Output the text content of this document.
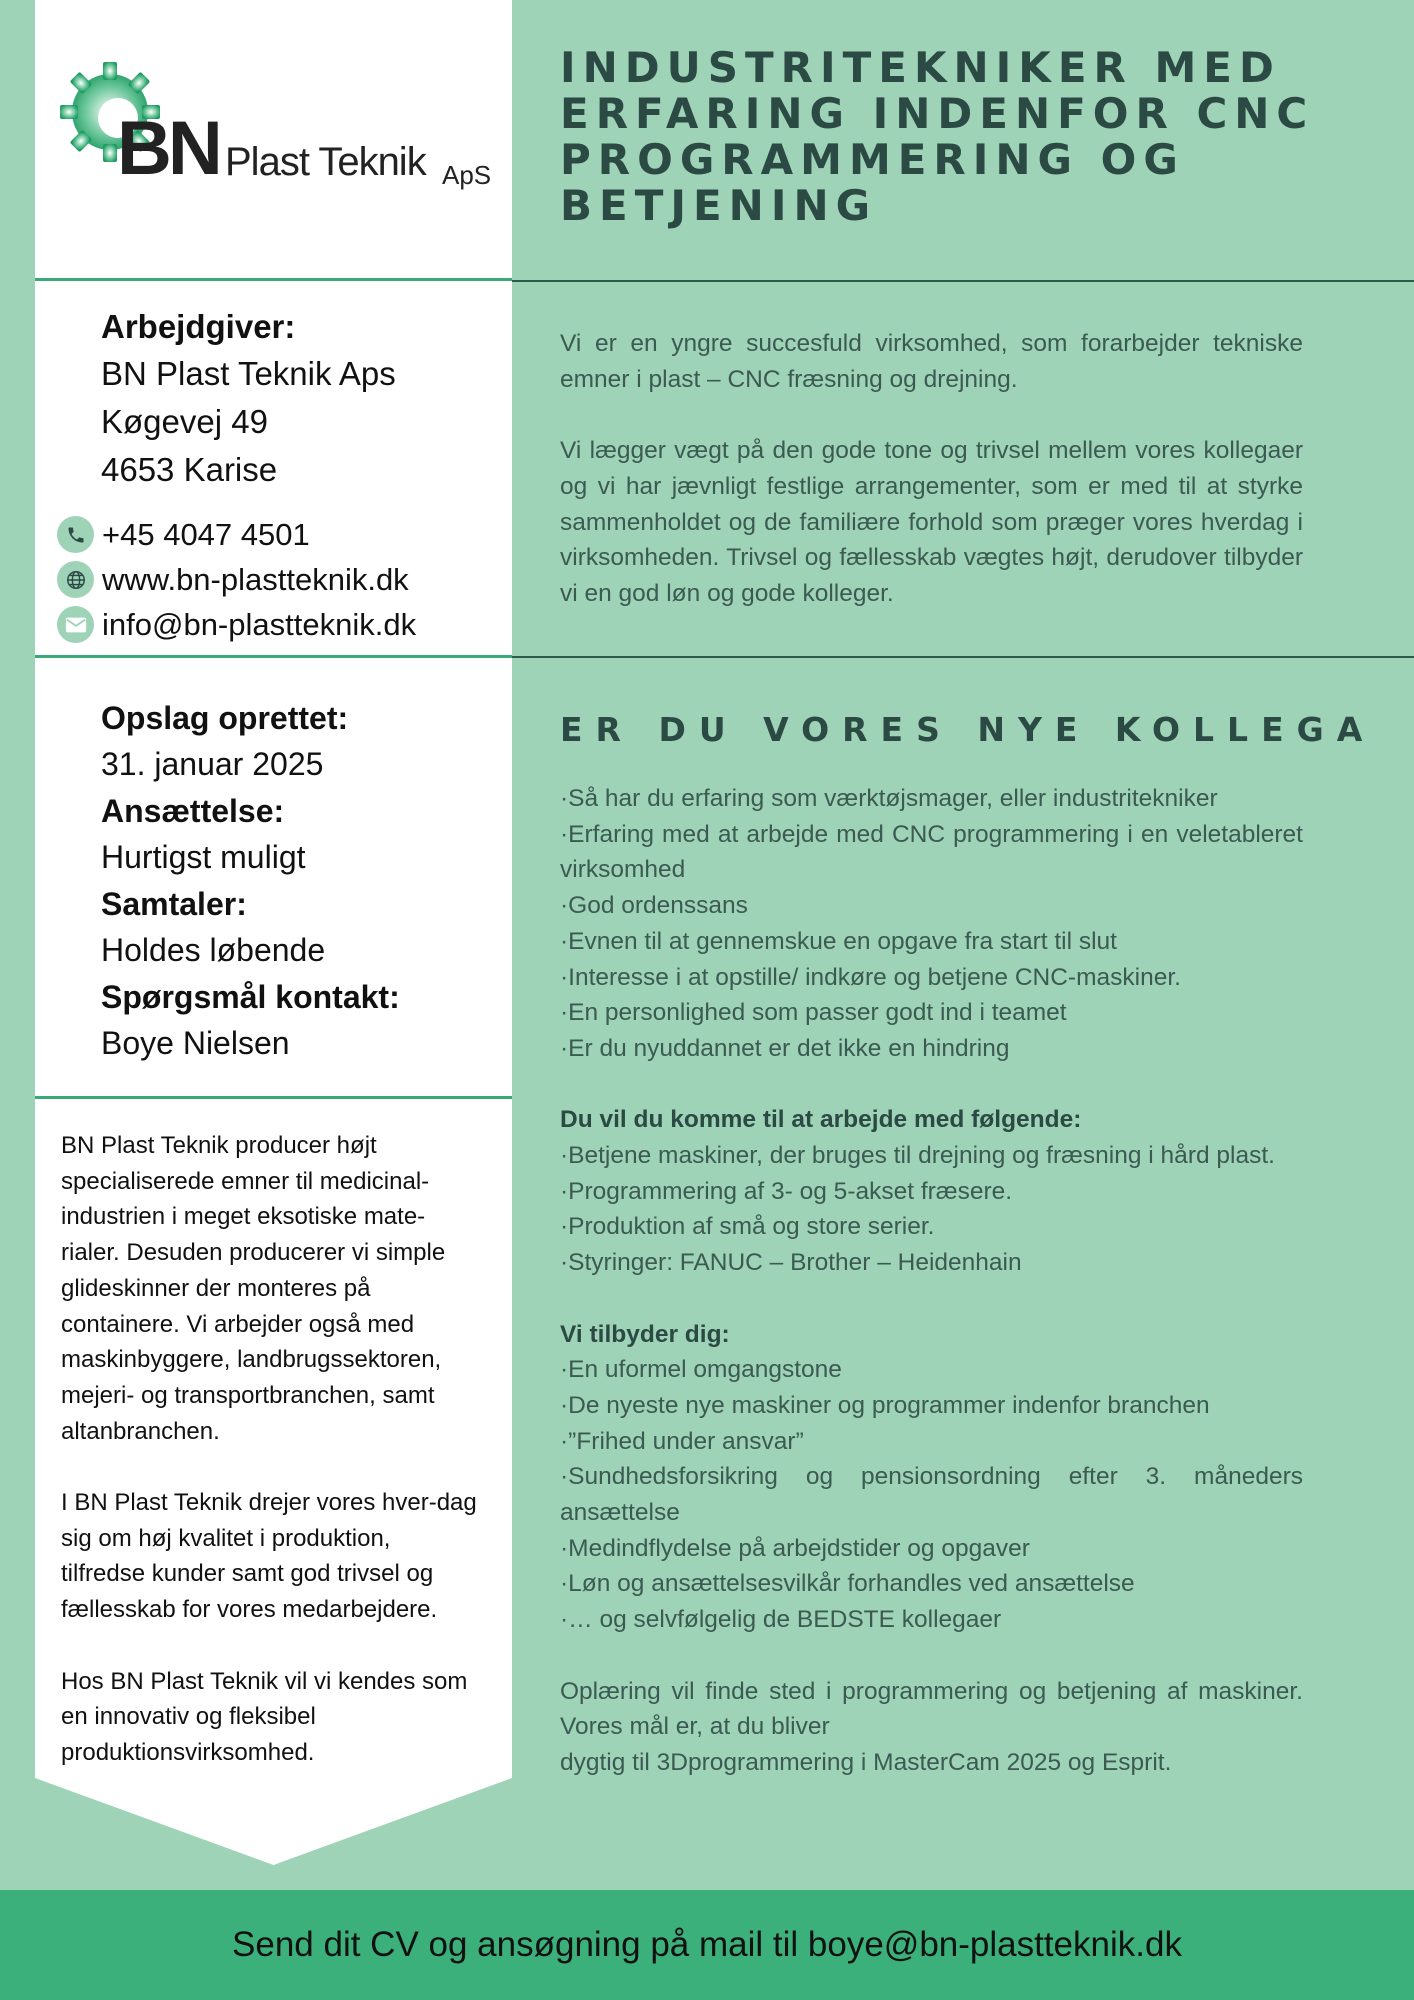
BN Plast Teknik ApS
Arbejdgiver:
BN Plast Teknik Aps
Køgevej 49
4653 Karise
+45 4047 4501
www.bn-plastteknik.dk
info@bn-plastteknik.dk
Opslag oprettet:
31. januar 2025
Ansættelse:
Hurtigst muligt
Samtaler:
Holdes løbende
Spørgsmål kontakt:
Boye Nielsen

BN Plast Teknik producer højt specialiserede emner til medicinal-industrien i meget eksotiske mate-rialer. Desuden producerer vi simple glideskinner der monteres på containere. Vi arbejder også med maskinbyggere, landbrugssektoren, mejeri- og transportbranchen, samt altanbranchen.

I BN Plast Teknik drejer vores hver-dag sig om høj kvalitet i produktion, tilfredse kunder samt god trivsel og fællesskab for vores medarbejdere.

Hos BN Plast Teknik vil vi kendes som en innovativ og fleksibel produktionsvirksomhed.

INDUSTRITEKNIKER MED ERFARING INDENFOR CNC PROGRAMMERING OG BETJENING

Vi er en yngre succesfuld virksomhed, som forarbejder tekniske emner i plast – CNC fræsning og drejning.

Vi lægger vægt på den gode tone og trivsel mellem vores kollegaer og vi har jævnligt festlige arrangementer, som er med til at styrke sammenholdet og de familiære forhold som præger vores hverdag i virksomheden. Trivsel og fællesskab vægtes højt, derudover tilbyder vi en god løn og gode kolleger.

ER DU VORES NYE KOLLEGA
·Så har du erfaring som værktøjsmager, eller industritekniker
·Erfaring med at arbejde med CNC programmering i en veletableret virksomhed
·God ordenssans
·Evnen til at gennemskue en opgave fra start til slut
·Interesse i at opstille/ indkøre og betjene CNC-maskiner.
·En personlighed som passer godt ind i teamet
·Er du nyuddannet er det ikke en hindring
Du vil du komme til at arbejde med følgende:
·Betjene maskiner, der bruges til drejning og fræsning i hård plast.
·Programmering af 3- og 5-akset fræsere.
·Produktion af små og store serier.
·Styringer: FANUC – Brother – Heidenhain
Vi tilbyder dig:
·En uformel omgangstone
·De nyeste nye maskiner og programmer indenfor branchen
·”Frihed under ansvar”
·Sundhedsforsikring og pensionsordning efter 3. måneders ansættelse
·Medindflydelse på arbejdstider og opgaver
·Løn og ansættelsesvilkår forhandles ved ansættelse
·… og selvfølgelig de BEDSTE kollegaer
Oplæring vil finde sted i programmering og betjening af maskiner. Vores mål er, at du bliver
dygtig til 3Dprogrammering i MasterCam 2025 og Esprit.
Send dit CV og ansøgning på mail til boye@bn-plastteknik.dk
